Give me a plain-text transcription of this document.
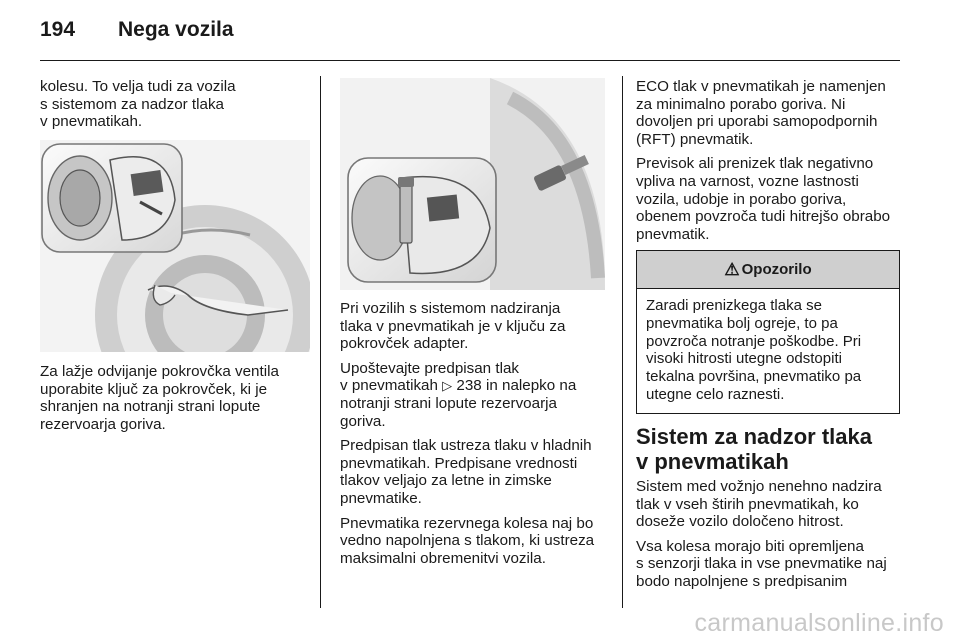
194	Nega vozila

kolesu. To velja tudi za vozila
s sistemom za nadzor tlaka
v pnevmatikah.

Za lažje odvijanje pokrovčka ventila
uporabite ključ za pokrovček, ki je
shranjen na notranji strani lopute
rezervoarja goriva.

Pri vozilih s sistemom nadziranja
tlaka v pnevmatikah je v ključu za
pokrovček adapter.

Upoštevajte predpisan tlak
v pnevmatikah ▷ 238 in nalepko na
notranji strani lopute rezervoarja
goriva.

Predpisan tlak ustreza tlaku v hladnih
pnevmatikah. Predpisane vrednosti
tlakov veljajo za letne in zimske
pnevmatike.

Pnevmatika rezervnega kolesa naj bo
vedno napolnjena s tlakom, ki ustreza
maksimalni obremenitvi vozila.

ECO tlak v pnevmatikah je namenjen
za minimalno porabo goriva. Ni
dovoljen pri uporabi samopodpornih
(RFT) pnevmatik.

Previsok ali prenizek tlak negativno
vpliva na varnost, vozne lastnosti
vozila, udobje in porabo goriva,
obenem povzroča tudi hitrejšo obrabo
pnevmatik.

⚠ Opozorilo
Zaradi prenizkega tlaka se
pnevmatika bolj ogreje, to pa
povzroča notranje poškodbe. Pri
visoki hitrosti utegne odstopiti
tekalna površina, pnevmatiko pa
utegne celo raznesti.
Sistem za nadzor tlaka
v pnevmatikah

Sistem med vožnjo nenehno nadzira
tlak v vseh štirih pnevmatikah, ko
doseže vozilo določeno hitrost.

Vsa kolesa morajo biti opremljena
s senzorji tlaka in vse pnevmatike naj
bodo napolnjene s predpisanim

carmanualsonline.info
